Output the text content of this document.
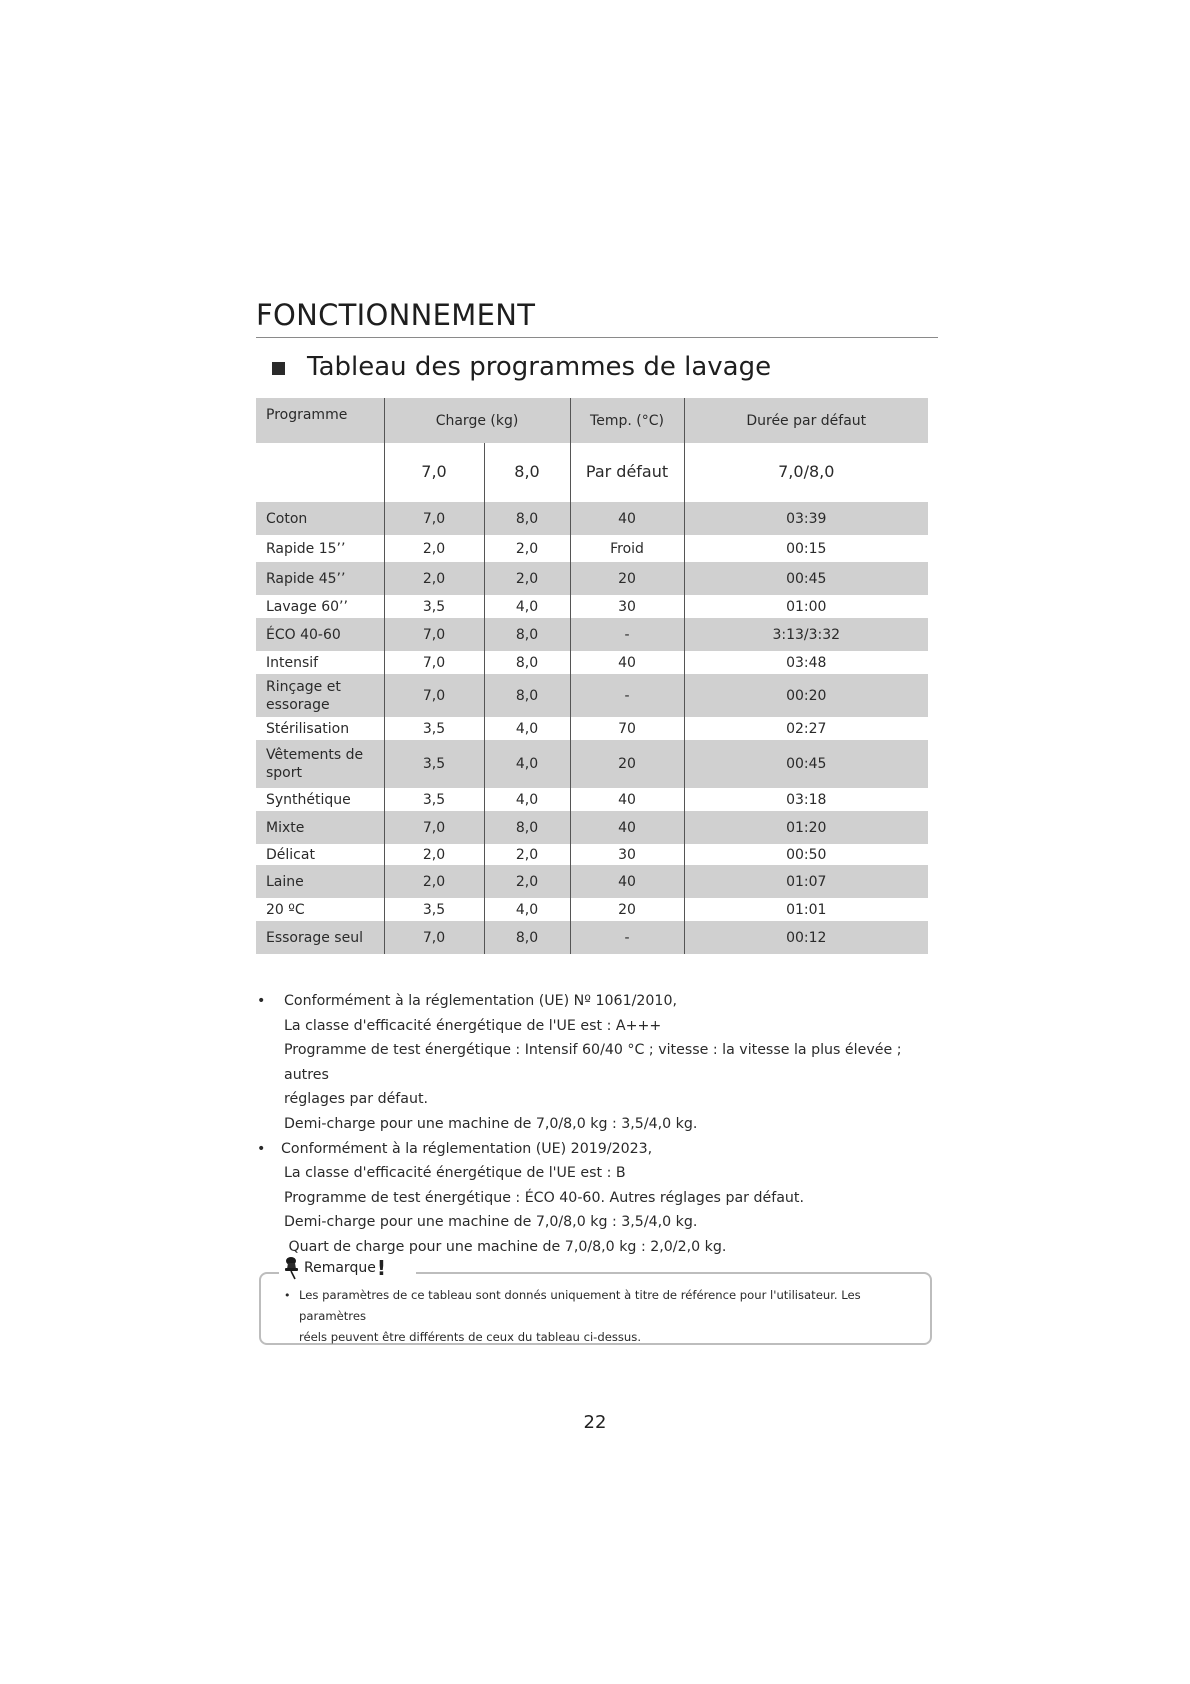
FONCTIONNEMENT
Tableau des programmes de lavage
Programme	Charge (kg)		Temp. (°C)	Durée par défaut
	7,0	8,0	Par défaut	7,0/8,0
Coton	7,0	8,0	40	03:39
Rapide 15’’	2,0	2,0	Froid	00:15
Rapide 45’’	2,0	2,0	20	00:45
Lavage 60’’	3,5	4,0	30	01:00
ÉCO 40-60	7,0	8,0	-	3:13/3:32
Intensif	7,0	8,0	40	03:48
Rinçage et essorage	7,0	8,0	-	00:20
Stérilisation	3,5	4,0	70	02:27
Vêtements de sport	3,5	4,0	20	00:45
Synthétique	3,5	4,0	40	03:18
Mixte	7,0	8,0	40	01:20
Délicat	2,0	2,0	30	00:50
Laine	2,0	2,0	40	01:07
20 ºC	3,5	4,0	20	01:01
Essorage seul	7,0	8,0	-	00:12
• Conformément à la réglementation (UE) Nº 1061/2010,

La classe d'efficacité énergétique de l'UE est : A+++

Programme de test énergétique : Intensif 60/40 °C ; vitesse : la vitesse la plus élevée ; autres

réglages par défaut.

Demi-charge pour une machine de 7,0/8,0 kg : 3,5/4,0 kg.

• Conformément à la réglementation (UE) 2019/2023,

La classe d'efficacité énergétique de l'UE est : B

Programme de test énergétique : ÉCO 40-60. Autres réglages par défaut.

Demi-charge pour une machine de 7,0/8,0 kg : 3,5/4,0 kg.

Quart de charge pour une machine de 7,0/8,0 kg : 2,0/2,0 kg.

Remarque !
• Les paramètres de ce tableau sont donnés uniquement à titre de référence pour l'utilisateur. Les paramètres

réels peuvent être différents de ceux du tableau ci-dessus.

22
